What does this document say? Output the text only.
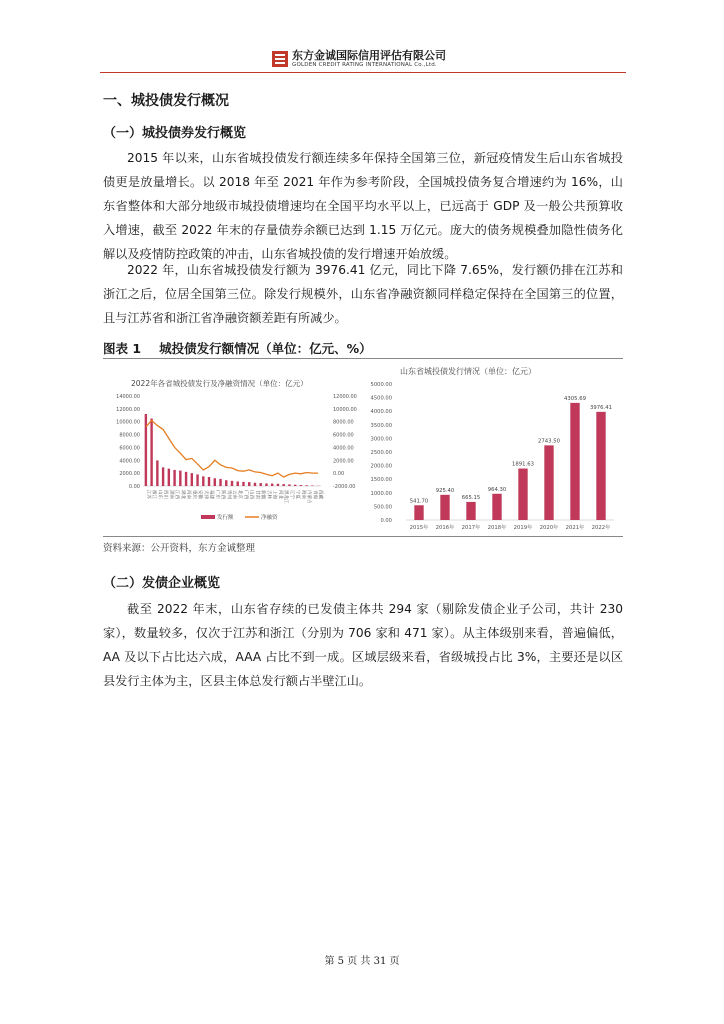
东方金诚国际信用评估有限公司
GOLDEN CREDIT RATING INTERNATIONAL Co.,Ltd.
一、城投债发行概况
（一）城投债券发行概览
2015 年以来，山东省城投债发行额连续多年保持全国第三位，新冠疫情发生后山东省城投债更是放量增长。以 2018 年至 2021 年作为参考阶段，全国城投债务复合增速约为 16%，山东省整体和大部分地级市城投债增速均在全国平均水平以上，已远高于 GDP 及一般公共预算收入增速，截至 2022 年末的存量债券余额已达到 1.15 万亿元。庞大的债务规模叠加隐性债务化解以及疫情防控政策的冲击，山东省城投债的发行增速开始放缓。
2022 年，山东省城投债发行额为 3976.41 亿元，同比下降 7.65%，发行额仍排在江苏和浙江之后，位居全国第三位。除发行规模外，山东省净融资额同样稳定保持在全国第三的位置，且与江苏省和浙江省净融资额差距有所减少。
图表 1 城投债发行额情况（单位：亿元、%）
2022年各省城投债发行及净融资情况（单位：亿元）
0.00
2000.00
4000.00
6000.00
8000.00
10000.00
12000.00
14000.00
-2000.00
0.00
2000.00
4000.00
6000.00
8000.00
10000.00
12000.00
江苏 浙江 山东 四川 湖南 江西 湖北 河南 重庆 安徽 天津 福建 广东 陕西 贵州 云南 北京 广西 山西 甘肃 新疆 吉林 上海 河北 黑龙江 辽宁 宁夏 海南 内蒙古 青海 西藏
发行额	净融资
山东省城投债发行情况（单位：亿元）
0.00
500.00
1000.00
1500.00
2000.00
2500.00
3000.00
3500.00
4000.00
4500.00
5000.00
541.70
2015年
925.40
2016年
665.15
2017年
964.30
2018年
1891.63
2019年
2743.50
2020年
4305.69
2021年
3976.41
2022年
资料来源：公开资料，东方金诚整理
（二）发债企业概览
截至 2022 年末，山东省存续的已发债主体共 294 家（剔除发债企业子公司，共计 230 家），数量较多，仅次于江苏和浙江（分别为 706 家和 471 家）。从主体级别来看，普遍偏低，AA 及以下占比达六成，AAA 占比不到一成。区域层级来看，省级城投占比 3%，主要还是以区县发行主体为主，区县主体总发行额占半壁江山。
第 5 页 共 31 页
